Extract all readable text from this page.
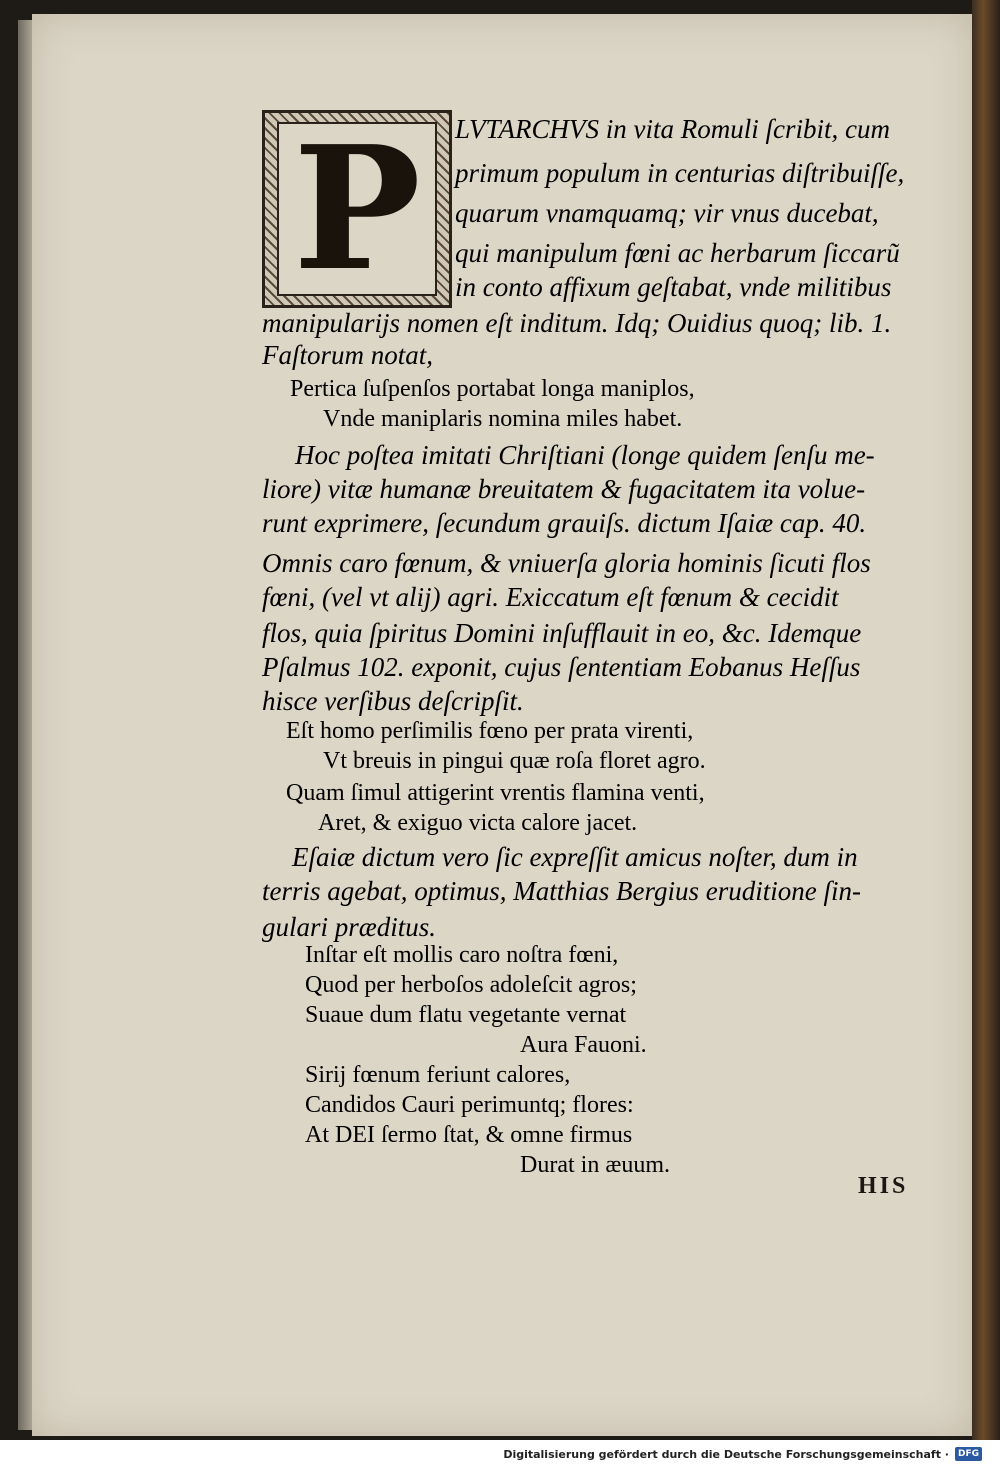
P	LVTARCHVS in vita Romuli ſcribit, cum
primum populum in centurias diſtribuiſſe,
quarum vnamquamq; vir vnus ducebat,
qui manipulum fœni ac herbarum ſiccarũ
in conto affixum geſtabat, vnde militibus
manipularijs nomen eſt inditum. Idq; Ouidius quoq; lib. 1.
Faſtorum notat,
Pertica ſuſpenſos portabat longa maniplos,
Vnde maniplaris nomina miles habet.
Hoc poſtea imitati Chriſtiani (longe quidem ſenſu me-
liore) vitæ humanæ breuitatem & fugacitatem ita volue-
runt exprimere, ſecundum grauiſs. dictum Iſaiæ cap. 40.
Omnis caro fœnum, & vniuerſa gloria hominis ſicuti flos
fœni, (vel vt alij) agri. Exiccatum eſt fœnum & cecidit
flos, quia ſpiritus Domini inſufflauit in eo, &c. Idemque
Pſalmus 102. exponit, cujus ſententiam Eobanus Heſſus
hisce verſibus deſcripſit.
Eſt homo perſimilis fœno per prata virenti,
Vt breuis in pingui quæ roſa floret agro.
Quam ſimul attigerint vrentis flamina venti,
Aret, & exiguo victa calore jacet.
Eſaiæ dictum vero ſic expreſſit amicus noſter, dum in
terris agebat, optimus, Matthias Bergius eruditione ſin-
gulari præditus.
Inſtar eſt mollis caro noſtra fœni,
Quod per herboſos adoleſcit agros;
Suaue dum flatu vegetante vernat
Aura Fauoni.
Sirij fœnum feriunt calores,
Candidos Cauri perimuntq; flores:
At DEI ſermo ſtat, & omne firmus
Durat in æuum.
HIS
Digitalisierung gefördert durch die Deutsche Forschungsgemeinschaft ·	DFG
